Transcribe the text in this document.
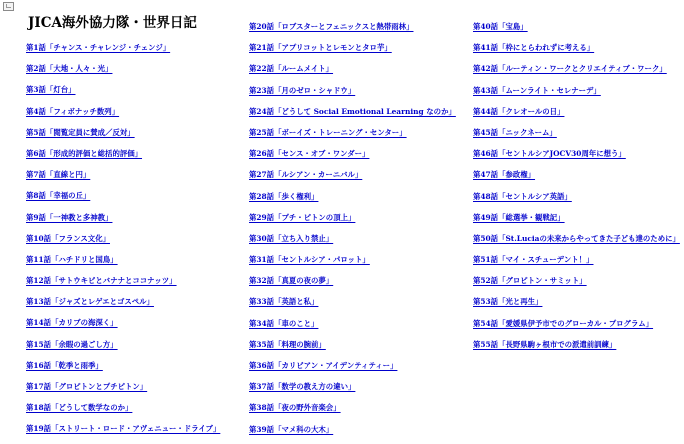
JICA海外協力隊・世界日記
第1話「チャンス・チャレンジ・チェンジ」
第2話「大地・人々・光」
第3話「灯台」
第4話「フィボナッチ数列」
第5話「閲覧定員に賛成／反対」
第6話「形成的評価と総括的評価」
第7話「直線と円」
第8話「幸福の丘」
第9話「一神教と多神教」
第10話「フランス文化」
第11話「ハチドリと国鳥」
第12話「サトウキビとバナナとココナッツ」
第13話「ジャズとレゲエとゴスペル」
第14話「カリブの海深く」
第15話「余暇の過ごし方」
第16話「乾季と雨季」
第17話「グロピトンとプチピトン」
第18話「どうして数学なのか」
第19話「ストリート・ロード・アヴェニュー・ドライブ」
第20話「ロブスターとフェニックスと熱帯雨林」
第21話「アプリコットとレモンとタロ芋」
第22話「ルームメイト」
第23話「月のゼロ・シャドウ」
第24話「どうして Social Emotional Learning なのか」
第25話「ボーイズ・トレーニング・センター」
第26話「センス・オブ・ワンダー」
第27話「ルシアン・カーニバル」
第28話「歩く権利」
第29話「プチ・ピトンの頂上」
第30話「立ち入り禁止」
第31話「セントルシア・パロット」
第32話「真夏の夜の夢」
第33話「英語と私」
第34話「車のこと」
第35話「料理の腕前」
第36話「カリビアン・アイデンティティー」
第37話「数学の教え方の違い」
第38話「夜の野外音楽会」
第39話「マメ科の大木」
第40話「宝島」
第41話「枠にとらわれずに考える」
第42話「ルーティン・ワークとクリエイティブ・ワーク」
第43話「ムーンライト・セレナーデ」
第44話「クレオールの日」
第45話「ニックネーム」
第46話「セントルシアJOCV30周年に想う」
第47話「参政権」
第48話「セントルシア英語」
第49話「総選挙・観戦記」
第50話「St.Luciaの未来からやってきた子ども達のために」
第51話「マイ・スチューデント！」
第52話「グロピトン・サミット」
第53話「光と再生」
第54話「愛媛県伊予市でのグローカル・プログラム」
第55話「長野県駒ヶ根市での派遣前訓練」
